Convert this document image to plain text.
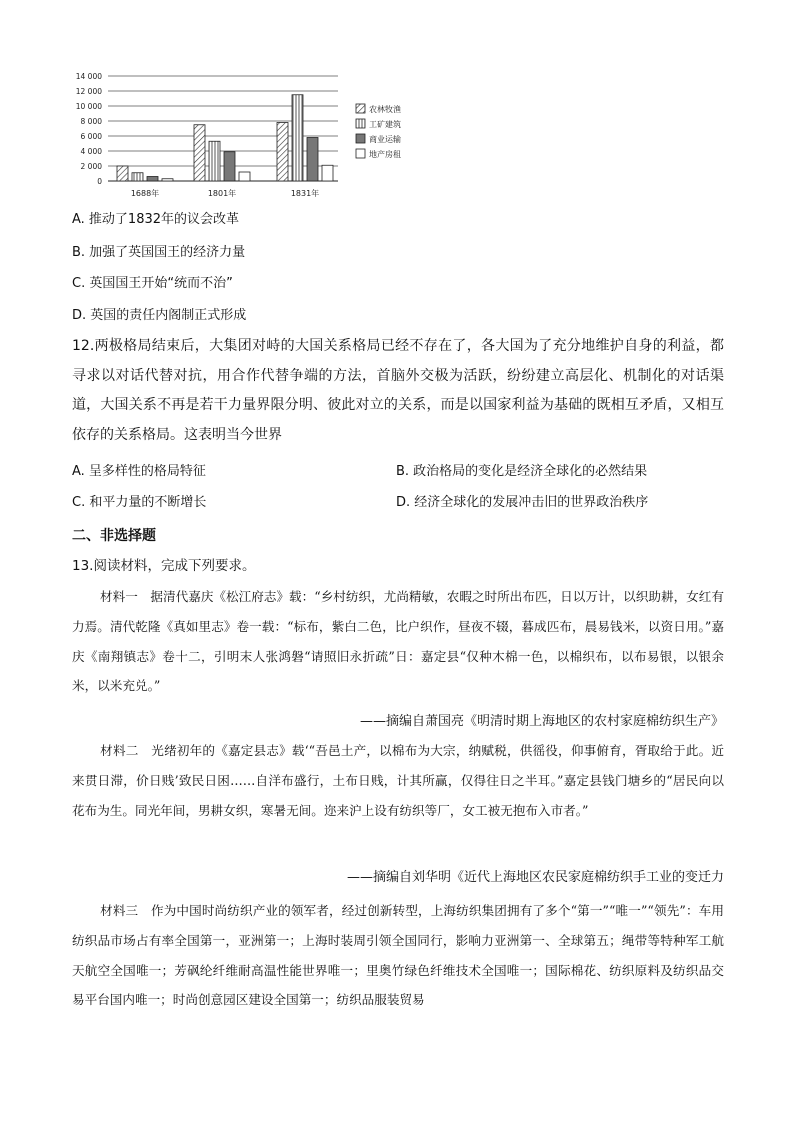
14 000
12 000
10 000
8 000
6 000
4 000
2 000
0
1688年	1801年	1831年
农林牧渔
工矿建筑
商业运输
地产房租
A. 推动了1832年的议会改革
B. 加强了英国国王的经济力量
C. 英国国王开始“统而不治”
D. 英国的责任内阁制正式形成
12.两极格局结束后，大集团对峙的大国关系格局已经不存在了，各大国为了充分地维护自身的利益，都寻求以对话代替对抗，用合作代替争端的方法，首脑外交极为活跃，纷纷建立高层化、机制化的对话渠道，大国关系不再是若干力量界限分明、彼此对立的关系，而是以国家利益为基础的既相互矛盾，又相互依存的关系格局。这表明当今世界
A. 呈多样性的格局特征	B. 政治格局的变化是经济全球化的必然结果
C. 和平力量的不断增长	D. 经济全球化的发展冲击旧的世界政治秩序
二、非选择题
13.阅读材料，完成下列要求。
材料一　据清代嘉庆《松江府志》载：“乡村纺织，尤尚精敏，农暇之时所出布匹，日以万计，以织助耕，女红有力焉。清代乾隆《真如里志》卷一载：“标布，紫白二色，比户织作，昼夜不辍，暮成匹布，晨易钱米，以资日用。”嘉庆《南翔镇志》卷十二，引明末人张鸿磐“请照旧永折疏”日：嘉定县“仅种木棉一色，以棉织布，以布易银，以银余米，以米充兑。”
——摘编自萧国亮《明清时期上海地区的农村家庭棉纺织生产》
材料二　光绪初年的《嘉定县志》载‘“吾邑土产，以棉布为大宗，纳赋税，供徭役，仰事俯育，胥取给于此。近来贯日滞，价日贱’致民日困……自洋布盛行，土布日贱，计其所赢，仅得往日之半耳。”嘉定县钱门塘乡的“居民向以花布为生。同光年间，男耕女织，寒暑无间。迩来沪上设有纺织等厂，女工被无抱布入市者。”
——摘编自刘华明《近代上海地区农民家庭棉纺织手工业的变迁力
材料三　作为中国时尚纺织产业的领军者，经过创新转型，上海纺织集团拥有了多个“第一”“唯一”“领先”：车用纺织品市场占有率全国第一，亚洲第一；上海时装周引领全国同行，影响力亚洲第一、全球第五；绳带等特种军工航天航空全国唯一；芳砜纶纤维耐高温性能世界唯一；里奥竹绿色纤维技术全国唯一；国际棉花、纺织原料及纺织品交易平台国内唯一；时尚创意园区建设全国第一；纺织品服装贸易
